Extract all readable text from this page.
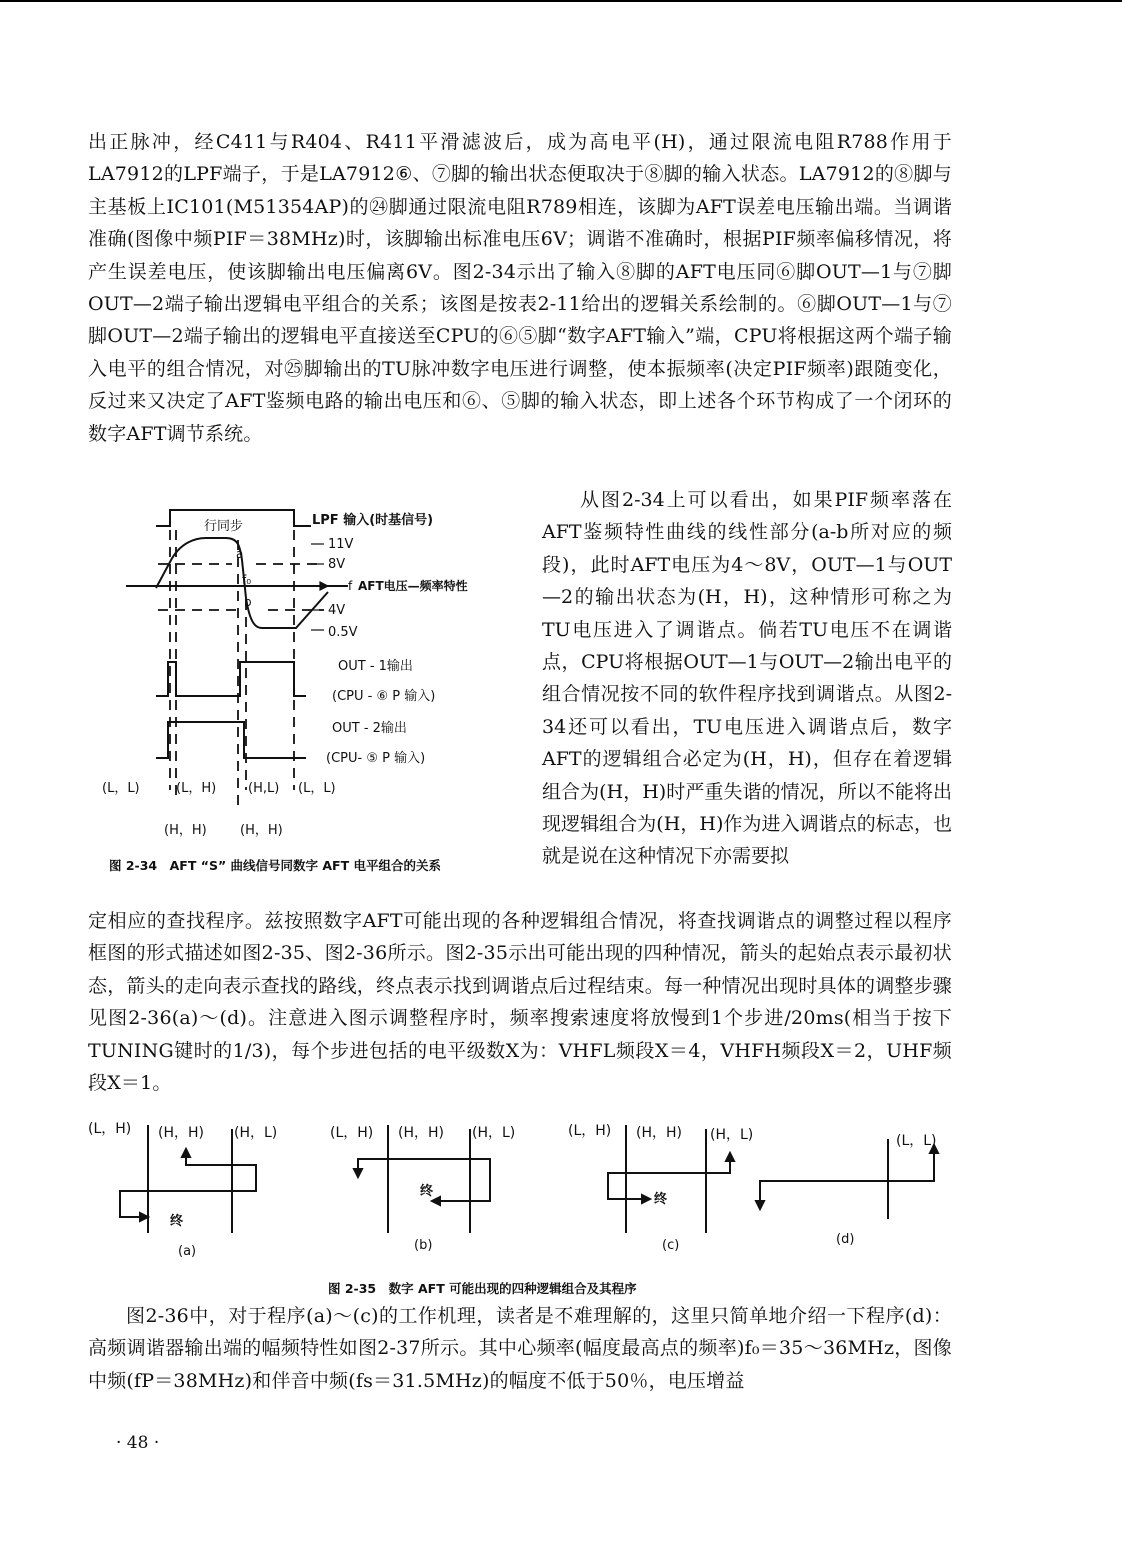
出正脉冲，经C411与R404、R411平滑滤波后，成为高电平(H)，通过限流电阻R788作用于LA7912的LPF端子，于是LA7912⑥、⑦脚的输出状态便取决于⑧脚的输入状态。LA7912的⑧脚与主基板上IC101(M51354AP)的㉔脚通过限流电阻R789相连，该脚为AFT误差电压输出端。当调谐准确(图像中频PIF＝38MHz)时，该脚输出标准电压6V；调谐不准确时，根据PIF频率偏移情况，将产生误差电压，使该脚输出电压偏离6V。图2-34示出了输入⑧脚的AFT电压同⑥脚OUT—1与⑦脚OUT—2端子输出逻辑电平组合的关系；该图是按表2-11给出的逻辑关系绘制的。⑥脚OUT—1与⑦脚OUT—2端子输出的逻辑电平直接送至CPU的⑥⑤脚“数字AFT输入”端，CPU将根据这两个端子输入电平的组合情况，对㉕脚输出的TU脉冲数字电压进行调整，使本振频率(决定PIF频率)跟随变化，反过来又决定了AFT鉴频电路的输出电压和⑥、⑤脚的输入状态，即上述各个环节构成了一个闭环的数字AFT调节系统。

行同步	LPF 输入(时基信号)
11V
8V
4V
0.5V
a
b
f₀	f AFT电压—频率特性
OUT - 1输出
(CPU - ⑥ P 输入)
OUT - 2输出
(CPU- ⑤ P 输入)
(L，L)	(L，H) (H,L) (L，L)
(H，H)	(H，H)
图 2-34　AFT “S” 曲线信号同数字 AFT 电平组合的关系

从图2-34上可以看出，如果PIF频率落在AFT鉴频特性曲线的线性部分(a-b所对应的频段)，此时AFT电压为4～8V，OUT—1与OUT—2的输出状态为(H，H)，这种情形可称之为TU电压进入了调谐点。倘若TU电压不在调谐点，CPU将根据OUT—1与OUT—2输出电平的组合情况按不同的软件程序找到调谐点。从图2-34还可以看出，TU电压进入调谐点后，数字AFT的逻辑组合必定为(H，H)，但存在着逻辑组合为(H，H)时严重失谐的情况，所以不能将出现逻辑组合为(H，H)作为进入调谐点的标志，也就是说在这种情况下亦需要拟

定相应的查找程序。兹按照数字AFT可能出现的各种逻辑组合情况，将查找调谐点的调整过程以程序框图的形式描述如图2-35、图2-36所示。图2-35示出可能出现的四种情况，箭头的起始点表示最初状态，箭头的走向表示查找的路线，终点表示找到调谐点后过程结束。每一种情况出现时具体的调整步骤见图2-36(a)～(d)。注意进入图示调整程序时，频率搜索速度将放慢到1个步进/20ms(相当于按下TUNING键时的1/3)，每个步进包括的电平级数X为：VHFL频段X＝4，VHFH频段X＝2，UHF频段X＝1。

(L，H) (H，H) (H，L)
终
(a)
(L，H) (H，H) (H，L)
终
(b)
(L，H) (H，H) (H，L)
终
(c)
(L，L)
(d)
图 2-35　数字 AFT 可能出现的四种逻辑组合及其程序

图2-36中，对于程序(a)～(c)的工作机理，读者是不难理解的，这里只简单地介绍一下程序(d)：高频调谐器输出端的幅频特性如图2-37所示。其中心频率(幅度最高点的频率)f₀＝35～36MHz，图像中频(fP＝38MHz)和伴音中频(fs＝31.5MHz)的幅度不低于50％，电压增益

· 48 ·
